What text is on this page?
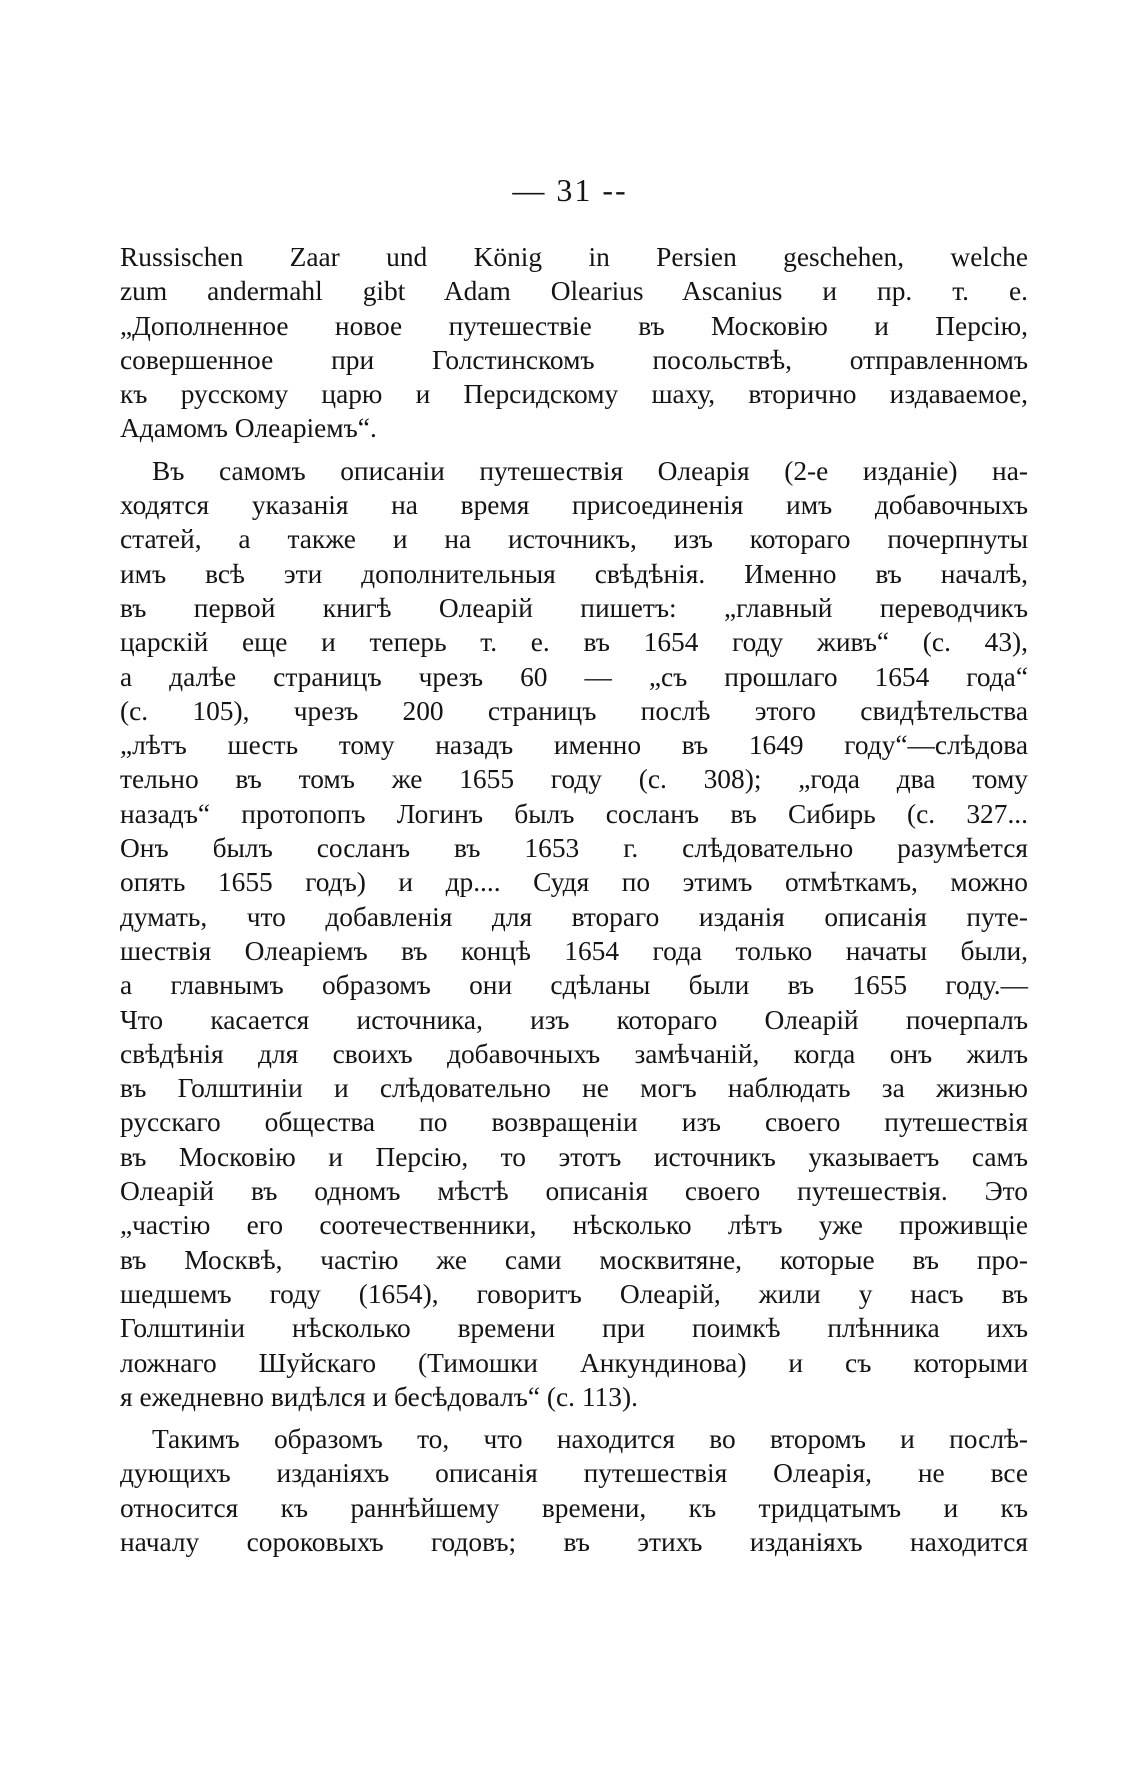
— 31 --
Russischen Zaar und König in Persien geschehen, welche
zum andermahl gibt Adam Olearius Ascanius и пр. т. е.
„Дополненное новое путешествіе въ Московію и Персію,
совершенное при Голстинскомъ посольствѣ, отправленномъ
къ русскому царю и Персидскому шаху, вторично издаваемое,
Адамомъ Олеаріемъ“.
Въ самомъ описаніи путешествія Олеарія (2-е изданіе) на-
ходятся указанія на время присоединенія имъ добавочныхъ
статей, а также и на источникъ, изъ котораго почерпнуты
имъ всѣ эти дополнительныя свѣдѣнія. Именно въ началѣ,
въ первой книгѣ Олеарій пишетъ: „главный переводчикъ
царскій еще и теперь т. е. въ 1654 году живъ“ (с. 43),
а далѣе страницъ чрезъ 60 — „съ прошлаго 1654 года“
(с. 105), чрезъ 200 страницъ послѣ этого свидѣтельства
„лѣтъ шесть тому назадъ именно въ 1649 году“—слѣдова
тельно въ томъ же 1655 году (с. 308); „года два тому
назадъ“ протопопъ Логинъ былъ сосланъ въ Сибирь (с. 327...
Онъ былъ сосланъ въ 1653 г. слѣдовательно разумѣется
опять 1655 годъ) и др.... Судя по этимъ отмѣткамъ, можно
думать, что добавленія для втораго изданія описанія путе-
шествія Олеаріемъ въ концѣ 1654 года только начаты были,
а главнымъ образомъ они сдѣланы были въ 1655 году.—
Что касается источника, изъ котораго Олеарій почерпалъ
свѣдѣнія для своихъ добавочныхъ замѣчаній, когда онъ жилъ
въ Голштиніи и слѣдовательно не могъ наблюдать за жизнью
русскаго общества по возвращеніи изъ своего путешествія
въ Московію и Персію, то этотъ источникъ указываетъ самъ
Олеарій въ одномъ мѣстѣ описанія своего путешествія. Это
„частію его соотечественники, нѣсколько лѣтъ уже проживщіе
въ Москвѣ, частію же сами москвитяне, которые въ про-
шедшемъ году (1654), говоритъ Олеарій, жили у насъ въ
Голштиніи нѣсколько времени при поимкѣ плѣнника ихъ
ложнаго Шуйскаго (Тимошки Анкундинова) и съ которыми
я ежедневно видѣлся и бесѣдовалъ“ (с. 113).
Такимъ образомъ то, что находится во второмъ и послѣ-
дующихъ изданіяхъ описанія путешествія Олеарія, не все
относится къ раннѣйшему времени, къ тридцатымъ и къ
началу сороковыхъ годовъ; въ этихъ изданіяхъ находится
